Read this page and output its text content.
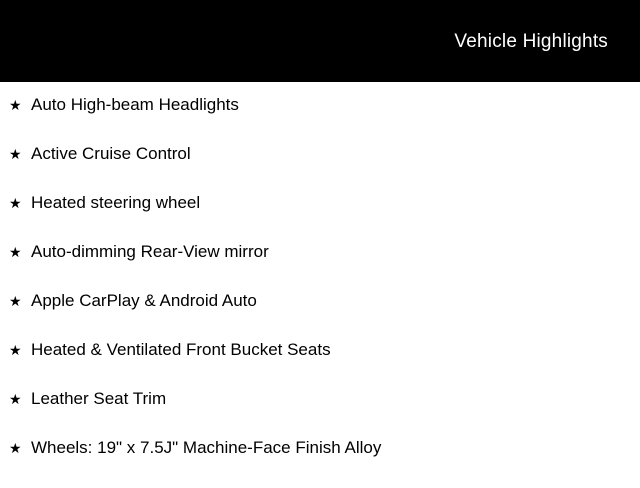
Vehicle Highlights
★ Auto High-beam Headlights
★ Active Cruise Control
★ Heated steering wheel
★ Auto-dimming Rear-View mirror
★ Apple CarPlay & Android Auto
★ Heated & Ventilated Front Bucket Seats
★ Leather Seat Trim
★ Wheels: 19" x 7.5J" Machine-Face Finish Alloy
